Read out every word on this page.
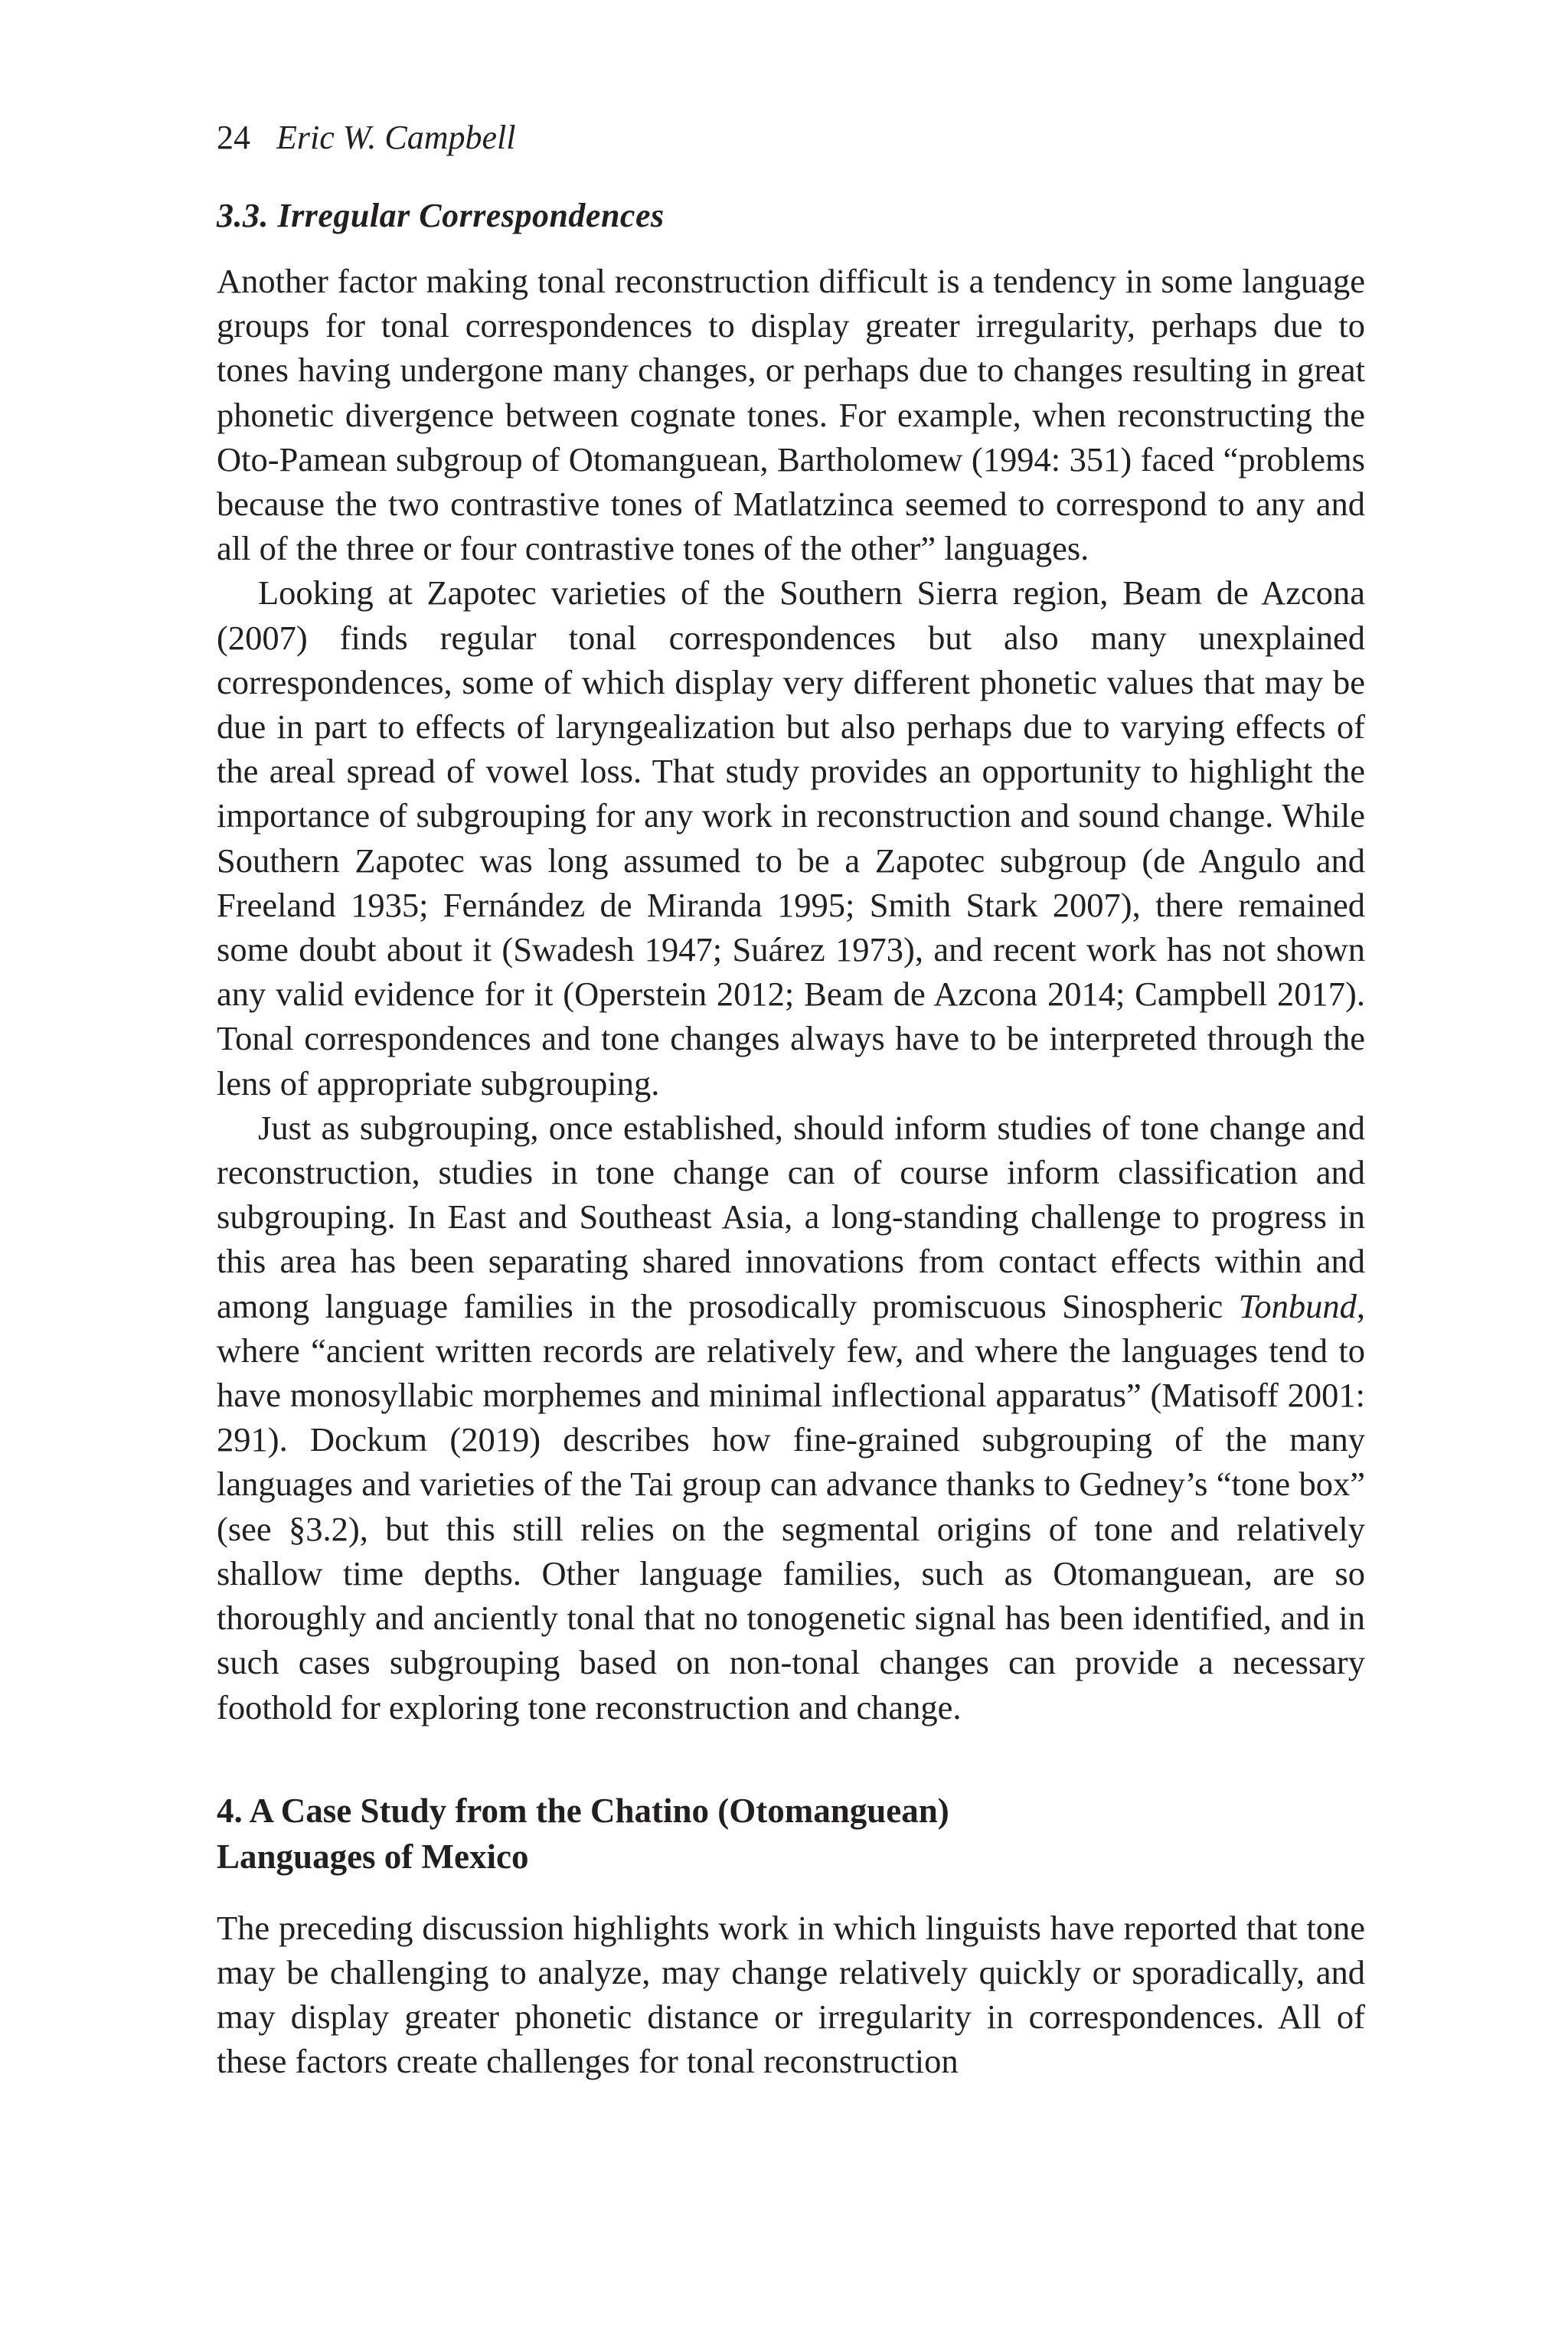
24 Eric W. Campbell
3.3. Irregular Correspondences

Another factor making tonal reconstruction difficult is a tendency in some language groups for tonal correspondences to display greater irregularity, perhaps due to tones having undergone many changes, or perhaps due to changes resulting in great phonetic divergence between cognate tones. For example, when reconstructing the Oto-Pamean subgroup of Otomanguean, Bartholomew (1994: 351) faced “problems because the two contrastive tones of Matlatzinca seemed to correspond to any and all of the three or four contrastive tones of the other” languages.

Looking at Zapotec varieties of the Southern Sierra region, Beam de Azcona (2007) finds regular tonal correspondences but also many unexplained correspondences, some of which display very different phonetic values that may be due in part to effects of laryngealization but also perhaps due to varying effects of the areal spread of vowel loss. That study provides an opportunity to highlight the importance of subgrouping for any work in reconstruction and sound change. While Southern Zapotec was long assumed to be a Zapotec subgroup (de Angulo and Freeland 1935; Fernández de Miranda 1995; Smith Stark 2007), there remained some doubt about it (Swadesh 1947; Suárez 1973), and recent work has not shown any valid evidence for it (Operstein 2012; Beam de Azcona 2014; Campbell 2017). Tonal correspondences and tone changes always have to be interpreted through the lens of appropriate subgrouping.

Just as subgrouping, once established, should inform studies of tone change and reconstruction, studies in tone change can of course inform classification and subgrouping. In East and Southeast Asia, a long-standing challenge to progress in this area has been separating shared innovations from contact effects within and among language families in the prosodically promiscuous Sinospheric Tonbund, where “ancient written records are relatively few, and where the languages tend to have monosyllabic morphemes and minimal inflectional apparatus” (Matisoff 2001: 291). Dockum (2019) describes how fine-grained subgrouping of the many languages and varieties of the Tai group can advance thanks to Gedney’s “tone box” (see §3.2), but this still relies on the segmental origins of tone and relatively shallow time depths. Other language families, such as Otomanguean, are so thoroughly and anciently tonal that no tonogenetic signal has been identified, and in such cases subgrouping based on non-tonal changes can provide a necessary foothold for exploring tone reconstruction and change.

4. A Case Study from the Chatino (Otomanguean)
Languages of Mexico

The preceding discussion highlights work in which linguists have reported that tone may be challenging to analyze, may change relatively quickly or sporadically, and may display greater phonetic distance or irregularity in correspondences. All of these factors create challenges for tonal reconstruction
